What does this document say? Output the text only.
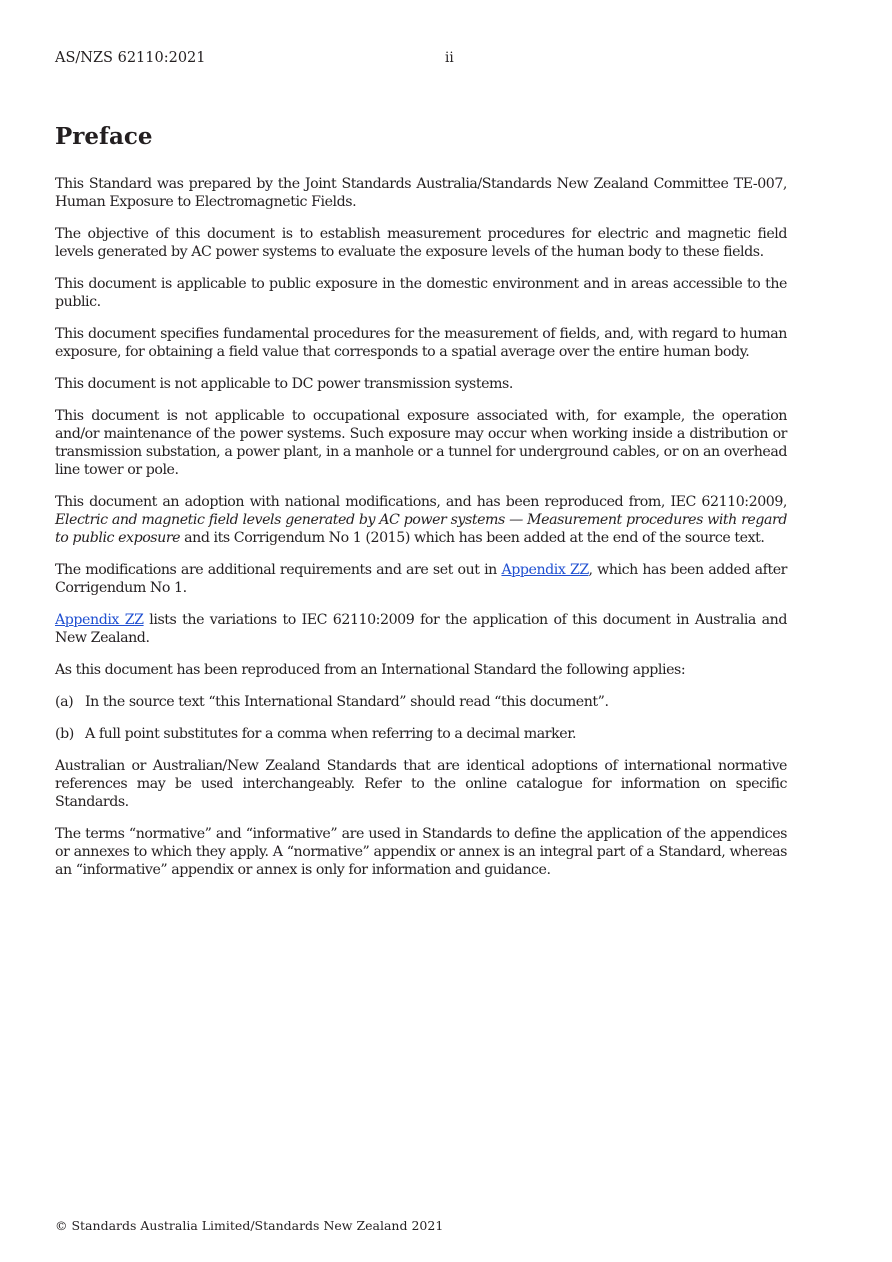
AS/NZS 62110:2021	ii
Preface

This Standard was prepared by the Joint Standards Australia/Standards New Zealand Committee TE-007, Human Exposure to Electromagnetic Fields.

The objective of this document is to establish measurement procedures for electric and magnetic field levels generated by AC power systems to evaluate the exposure levels of the human body to these fields.

This document is applicable to public exposure in the domestic environment and in areas accessible to the public.

This document specifies fundamental procedures for the measurement of fields, and, with regard to human exposure, for obtaining a field value that corresponds to a spatial average over the entire human body.

This document is not applicable to DC power transmission systems.

This document is not applicable to occupational exposure associated with, for example, the operation and/or maintenance of the power systems. Such exposure may occur when working inside a distribution or transmission substation, a power plant, in a manhole or a tunnel for underground cables, or on an overhead line tower or pole.

This document an adoption with national modifications, and has been reproduced from, IEC 62110:2009, Electric and magnetic field levels generated by AC power systems — Measurement procedures with regard to public exposure and its Corrigendum No 1 (2015) which has been added at the end of the source text.

The modifications are additional requirements and are set out in Appendix ZZ, which has been added after Corrigendum No 1.

Appendix ZZ lists the variations to IEC 62110:2009 for the application of this document in Australia and New Zealand.

As this document has been reproduced from an International Standard the following applies:

(a) In the source text “this International Standard” should read “this document”.

(b) A full point substitutes for a comma when referring to a decimal marker.

Australian or Australian/New Zealand Standards that are identical adoptions of international normative references may be used interchangeably. Refer to the online catalogue for information on specific Standards.

The terms “normative” and “informative” are used in Standards to define the application of the appendices or annexes to which they apply. A “normative” appendix or annex is an integral part of a Standard, whereas an “informative” appendix or annex is only for information and guidance.

© Standards Australia Limited/Standards New Zealand 2021
